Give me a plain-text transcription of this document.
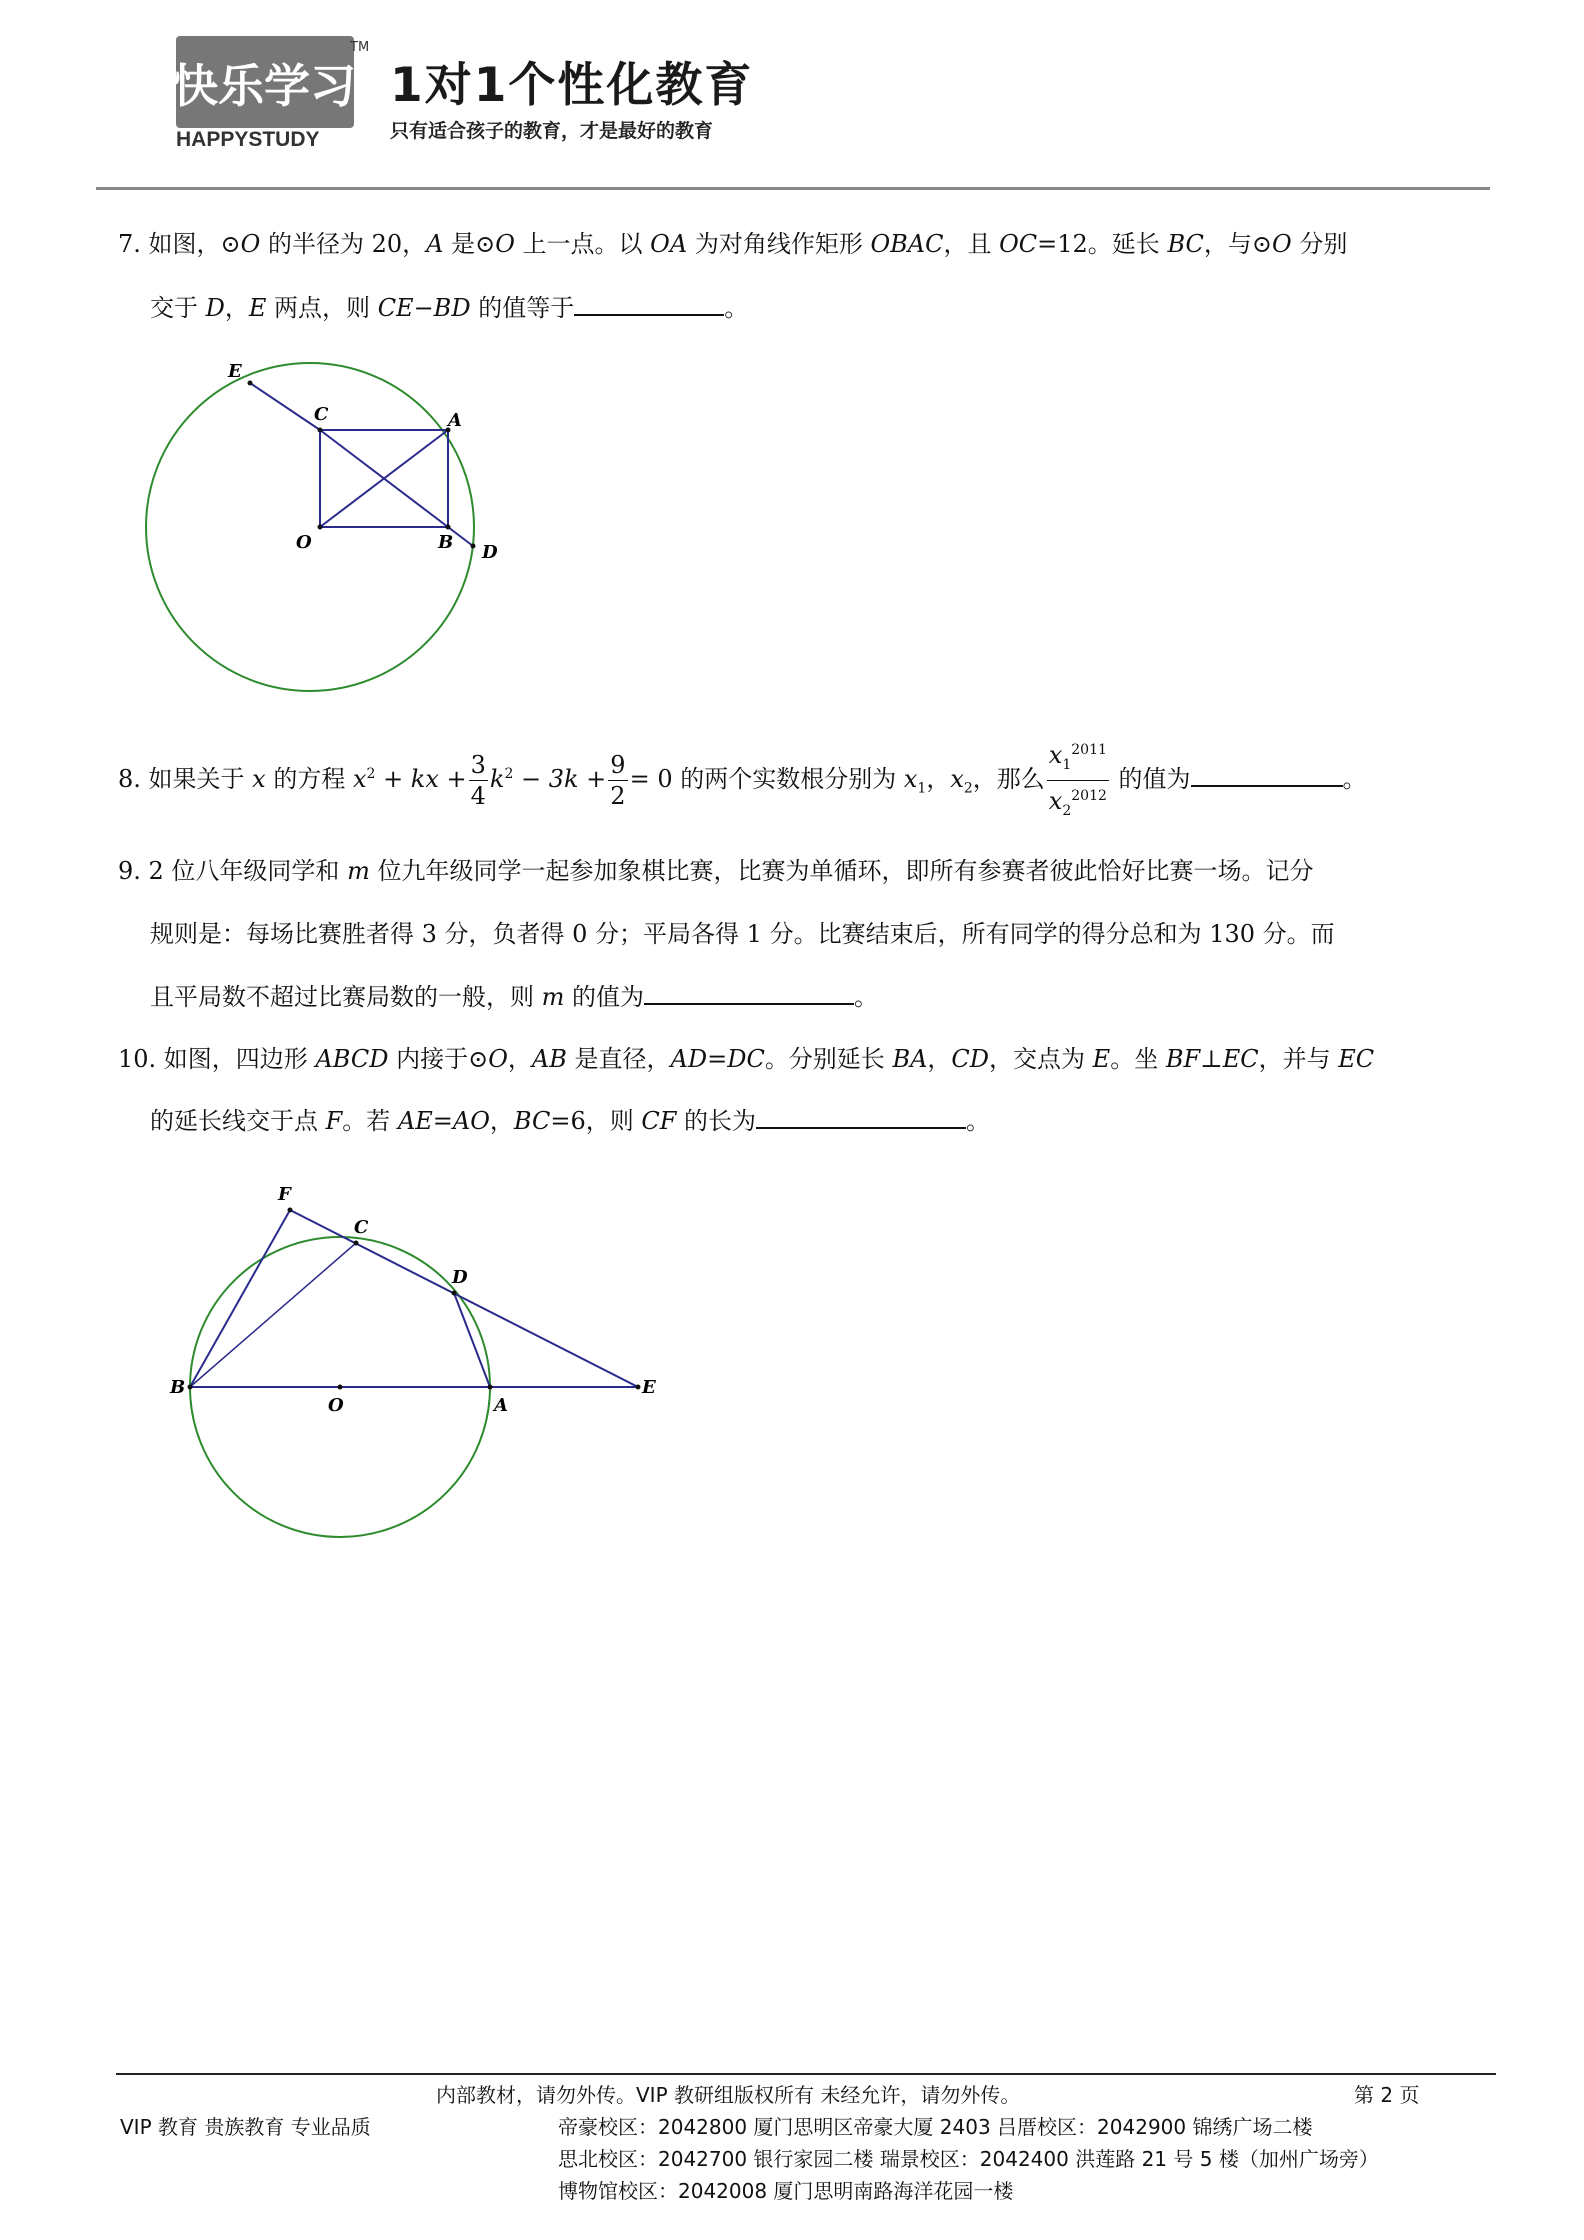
快乐学习
TM
HAPPYSTUDY
1对1个性化教育
只有适合孩子的教育，才是最好的教育
7. 如图，⊙O 的半径为 20，A 是⊙O 上一点。以 OA 为对角线作矩形 OBAC，且 OC=12。延长 BC，与⊙O 分别
交于 D，E 两点，则 CE−BD 的值等于	。
E
C	A
O	B D
8. 如果关于 x 的方程 $x^2$ + kx + $\frac{3}{4} k^2 - 3k + \frac{9}{2} = 0$ 的两个实数根分别为 $x_1$，$x_2$，那么 $\frac{x_1^{2011}}{x_2^{2012}}$ 的值为	。
9. 2 位八年级同学和 m 位九年级同学一起参加象棋比赛，比赛为单循环，即所有参赛者彼此恰好比赛一场。记分
规则是：每场比赛胜者得 3 分，负者得 0 分；平局各得 1 分。比赛结束后，所有同学的得分总和为 130 分。而
且平局数不超过比赛局数的一般，则 m 的值为	。
10. 如图，四边形 ABCD 内接于⊙O，AB 是直径，AD=DC。分别延长 BA，CD，交点为 E。坐 BF⊥EC，并与 EC
的延长线交于点 F。若 AE=AO，BC=6，则 CF 的长为	。
F
C
D
B
O	A
E
内部教材，请勿外传。VIP 教研组版权所有 未经允许，请勿外传。	第 2 页
VIP 教育 贵族教育 专业品质	帝豪校区：2042800 厦门思明区帝豪大厦 2403 吕厝校区：2042900 锦绣广场二楼
思北校区：2042700 银行家园二楼 瑞景校区：2042400 洪莲路 21 号 5 楼（加州广场旁）
博物馆校区：2042008 厦门思明南路海洋花园一楼
